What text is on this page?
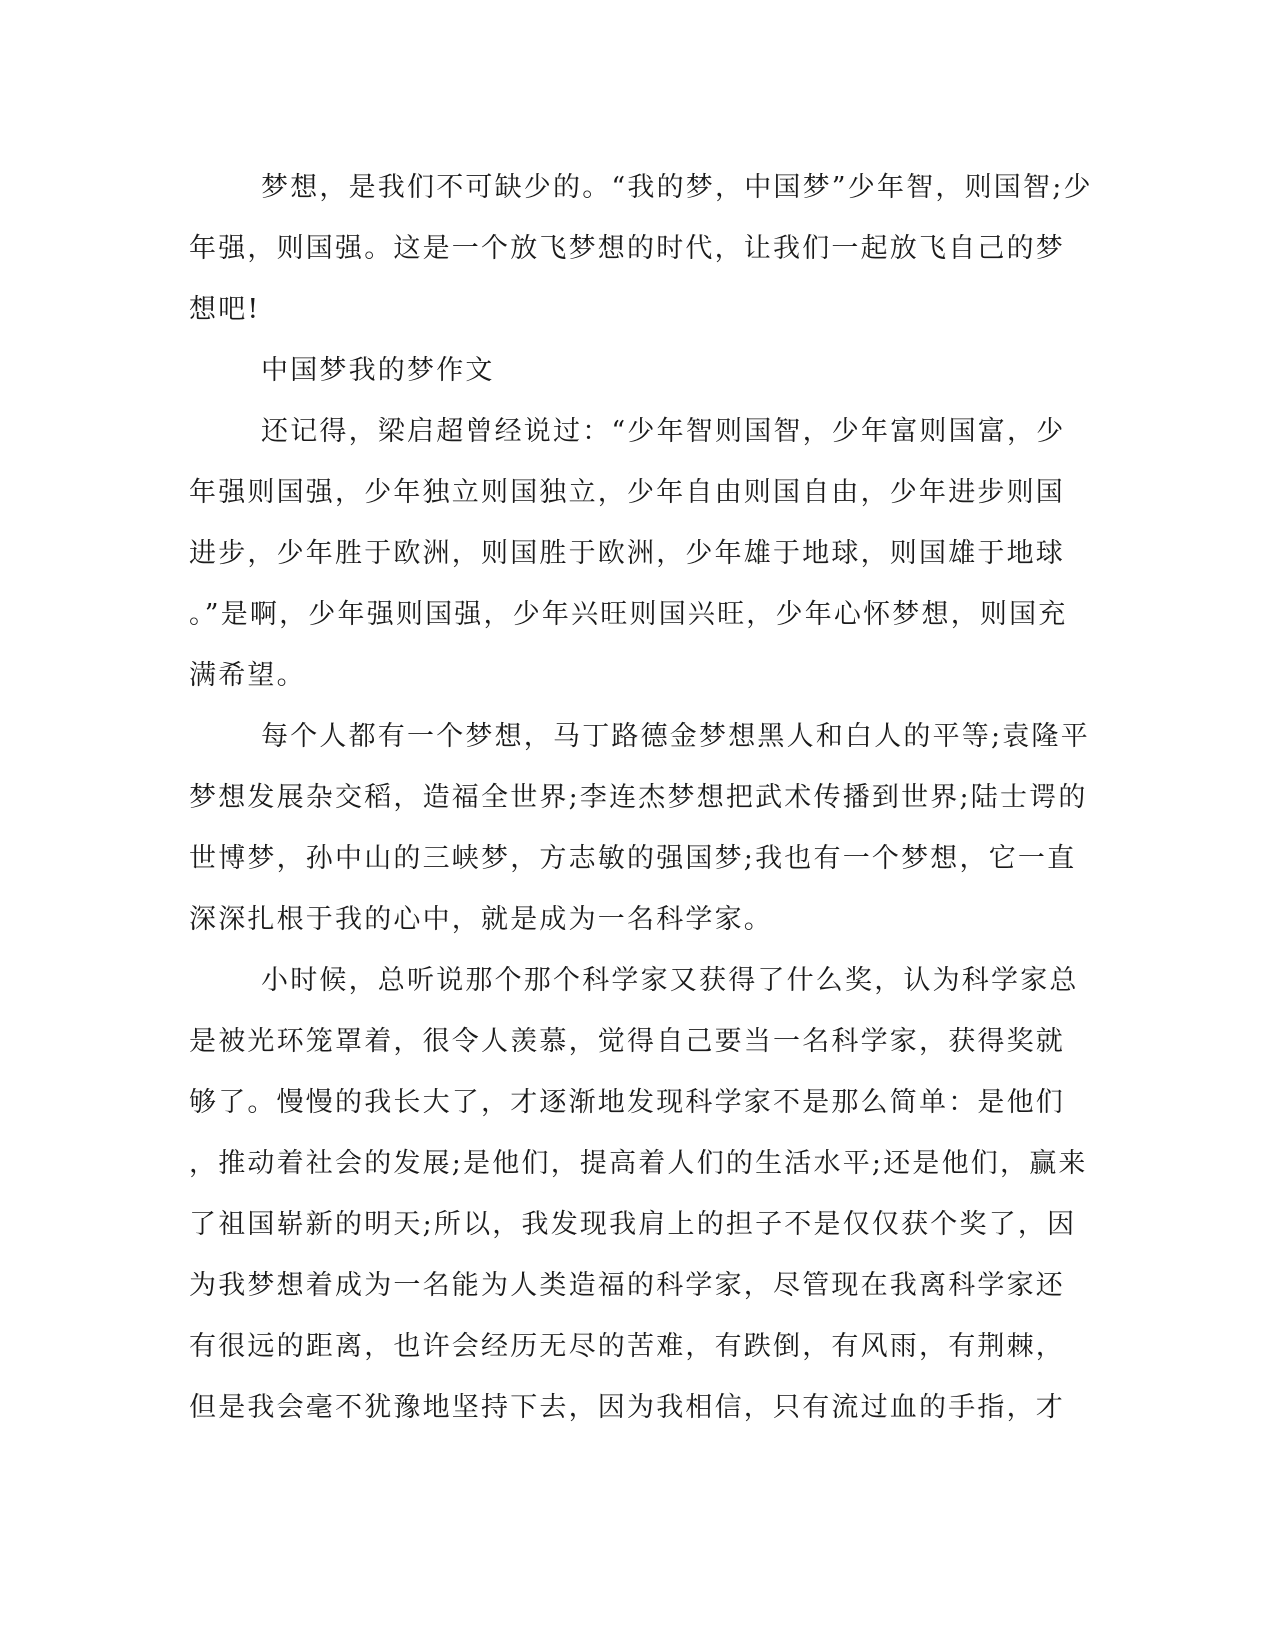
梦想，是我们不可缺少的。“我的梦，中国梦”少年智，则国智;少
年强，则国强。这是一个放飞梦想的时代，让我们一起放飞自己的梦
想吧!
中国梦我的梦作文
还记得，梁启超曾经说过：“少年智则国智，少年富则国富，少
年强则国强，少年独立则国独立，少年自由则国自由，少年进步则国
进步，少年胜于欧洲，则国胜于欧洲，少年雄于地球，则国雄于地球
。”是啊，少年强则国强，少年兴旺则国兴旺，少年心怀梦想，则国充
满希望。
每个人都有一个梦想，马丁路德金梦想黑人和白人的平等;袁隆平
梦想发展杂交稻，造福全世界;李连杰梦想把武术传播到世界;陆士谔的
世博梦，孙中山的三峡梦，方志敏的强国梦;我也有一个梦想，它一直
深深扎根于我的心中，就是成为一名科学家。
小时候，总听说那个那个科学家又获得了什么奖，认为科学家总
是被光环笼罩着，很令人羡慕，觉得自己要当一名科学家，获得奖就
够了。慢慢的我长大了，才逐渐地发现科学家不是那么简单：是他们
，推动着社会的发展;是他们，提高着人们的生活水平;还是他们，赢来
了祖国崭新的明天;所以，我发现我肩上的担子不是仅仅获个奖了，因
为我梦想着成为一名能为人类造福的科学家，尽管现在我离科学家还
有很远的距离，也许会经历无尽的苦难，有跌倒，有风雨，有荆棘，
但是我会毫不犹豫地坚持下去，因为我相信，只有流过血的手指，才
